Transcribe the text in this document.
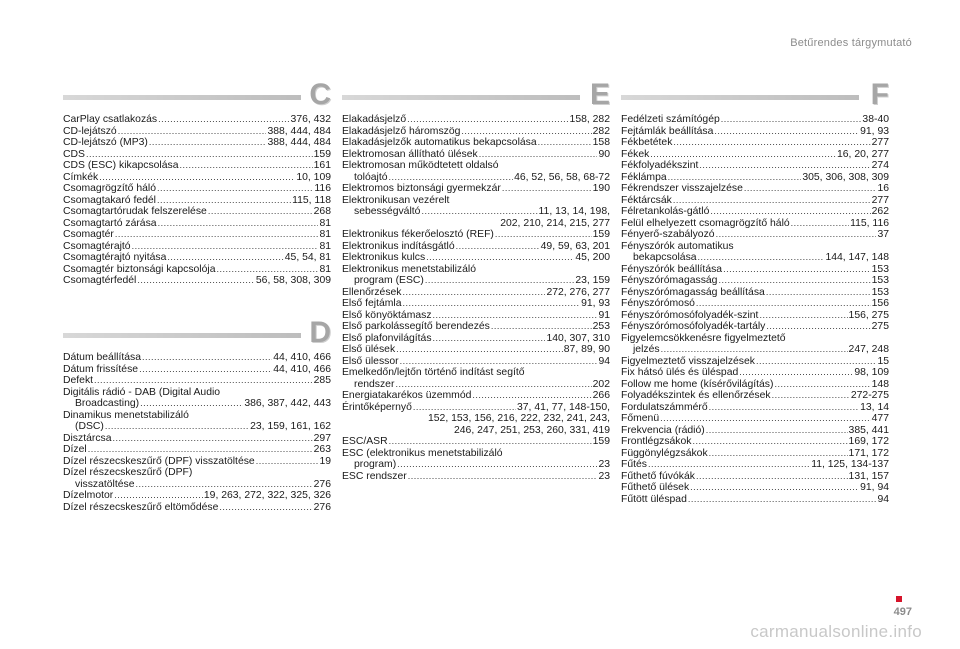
Betűrendes tárgymutató
C
CarPlay csatlakozás .....	376, 432
CD-lejátszó .....	388, 444, 484
CD-lejátszó (MP3) .....	388, 444, 484
CDS .....	159
CDS (ESC) kikapcsolása .....	161
Címkék .....	10, 109
Csomagrögzítő háló .....	116
Csomagtakaró fedél .....	115, 118
Csomagtartórudak felszerelése .....	268
Csomagtartó zárása .....	81
Csomagtér .....	81
Csomagtérajtó .....	81
Csomagtérajtó nyitása .....	45, 54, 81
Csomagtér biztonsági kapcsolója .....	81
Csomagtérfedél .....	56, 58, 308, 309
D
Dátum beállítása .....	44, 410, 466
Dátum frissítése .....	44, 410, 466
Defekt .....	285
Digitális rádió - DAB (Digital Audio
Broadcasting) .....	386, 387, 442, 443
Dinamikus menetstabilizáló
(DSC) .....	23, 159, 161, 162
Disztárcsa .....	297
Dízel .....	263
Dízel részecskeszűrő (DPF) visszatöltése .....	19
Dízel részecskeszűrő (DPF)
visszatöltése .....	276
Dízelmotor .....	19, 263, 272, 322, 325, 326
Dízel részecskeszűrő eltömődése .....	276
E
Elakadásjelző .....	158, 282
Elakadásjelző háromszög .....	282
Elakadásjelzők automatikus bekapcsolása .....	158
Elektromosan állítható ülések .....	90
Elektromosan működtetett oldalsó
tolóajtó .....	46, 52, 56, 58, 68-72
Elektromos biztonsági gyermekzár .....	190
Elektronikusan vezérelt
sebességváltó .....	11, 13, 14, 198,
202, 210, 214, 215, 277
Elektronikus fékerőelosztó (REF) .....	159
Elektronikus indításgátló .....	49, 59, 63, 201
Elektronikus kulcs .....	45, 200
Elektronikus menetstabilizáló
program (ESC) .....	23, 159
Ellenőrzések .....	272, 276, 277
Első fejtámla .....	91, 93
Első könyöktámasz .....	91
Első parkolássegítő berendezés .....	253
Első plafonvilágítás .....	140, 307, 310
Első ülések .....	87, 89, 90
Első ülessor .....	94
Emelkedőn/lejtőn történő indítást segítő
rendszer .....	202
Energiatakarékos üzemmód .....	266
Érintőképernyő .....	37, 41, 77, 148-150,
152, 153, 156, 216, 222, 232, 241, 243,
246, 247, 251, 253, 260, 331, 419
ESC/ASR .....	159
ESC (elektronikus menetstabilizáló
program) .....	23
ESC rendszer .....	23
F
Fedélzeti számítógép .....	38-40
Fejtámlák beállítása .....	91, 93
Fékbetétek .....	277
Fékek .....	16, 20, 277
Fékfolyadékszint .....	274
Féklámpa .....	305, 306, 308, 309
Fékrendszer visszajelzése .....	16
Féktárcsák .....	277
Félretankolás-gátló .....	262
Felül elhelyezett csomagrögzítő háló .....	115, 116
Fényerő-szabályozó .....	37
Fényszórók automatikus
bekapcsolása .....	144, 147, 148
Fényszórók beállítása .....	153
Fényszórómagasság .....	153
Fényszórómagasság beállítása .....	153
Fényszórómosó .....	156
Fényszórómosófolyadék-szint .....	156, 275
Fényszórómosófolyadék-tartály .....	275
Figyelemcsökkenésre figyelmeztető
jelzés .....	247, 248
Figyelmeztető visszajelzések .....	15
Fix hátsó ülés és üléspad .....	98, 109
Follow me home (kísérővilágítás) .....	148
Folyadékszintek és ellenőrzések .....	272-275
Fordulatszámmérő .....	13, 14
Főmenü .....	477
Frekvencia (rádió) .....	385, 441
Frontlégzsákok .....	169, 172
Függönylégzsákok .....	171, 172
Fűtés .....	11, 125, 134-137
Fűthető fúvókák .....	131, 157
Fűthető ülések .....	91, 94
Fűtött üléspad .....	94
497
carmanualsonline.info
